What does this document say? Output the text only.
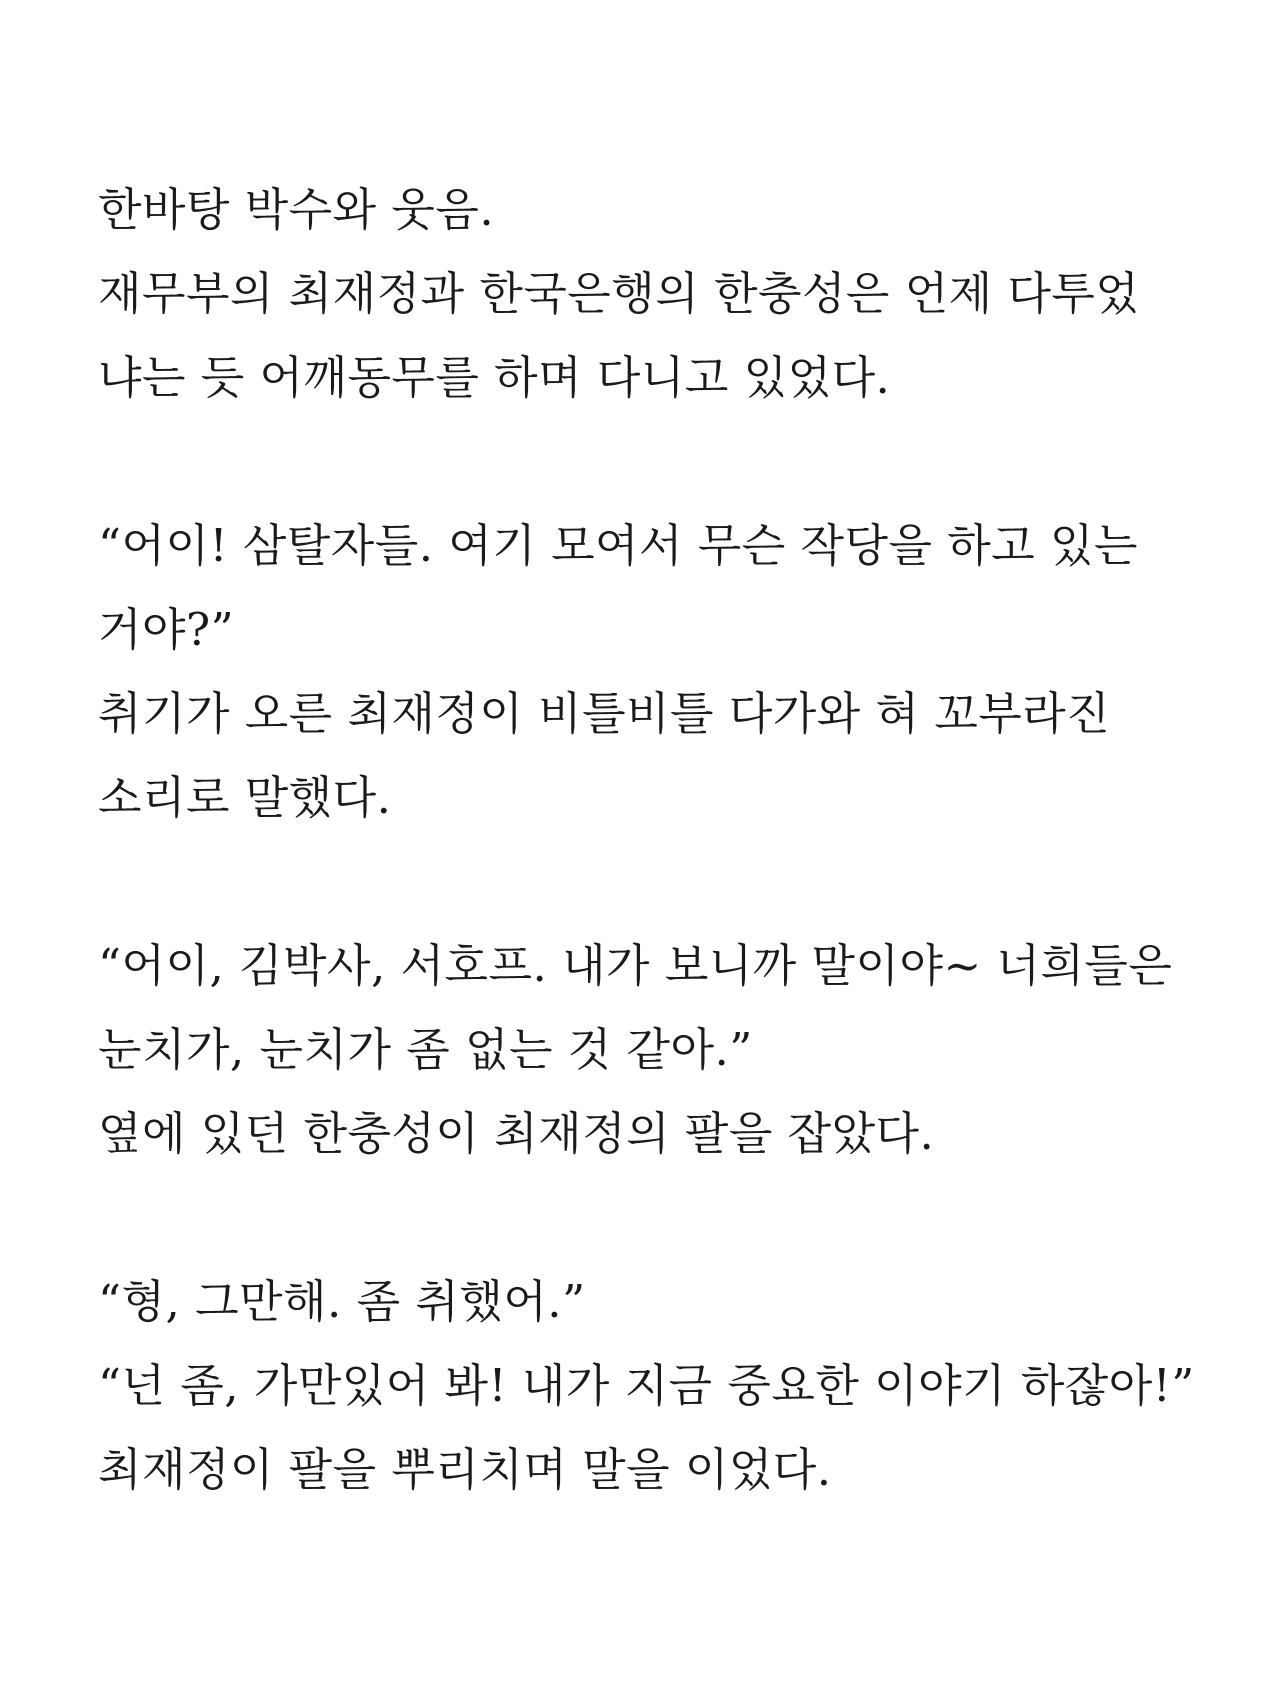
한바탕 박수와 웃음.
재무부의 최재정과 한국은행의 한충성은 언제 다투었
냐는 듯 어깨동무를 하며 다니고 있었다.
“어이! 삼탈자들. 여기 모여서 무슨 작당을 하고 있는
거야?”
취기가 오른 최재정이 비틀비틀 다가와 혀 꼬부라진
소리로 말했다.
“어이, 김박사, 서호프. 내가 보니까 말이야~ 너희들은
눈치가, 눈치가 좀 없는 것 같아.”
옆에 있던 한충성이 최재정의 팔을 잡았다.
“형, 그만해. 좀 취했어.”
“넌 좀, 가만있어 봐! 내가 지금 중요한 이야기 하잖아!”
최재정이 팔을 뿌리치며 말을 이었다.
